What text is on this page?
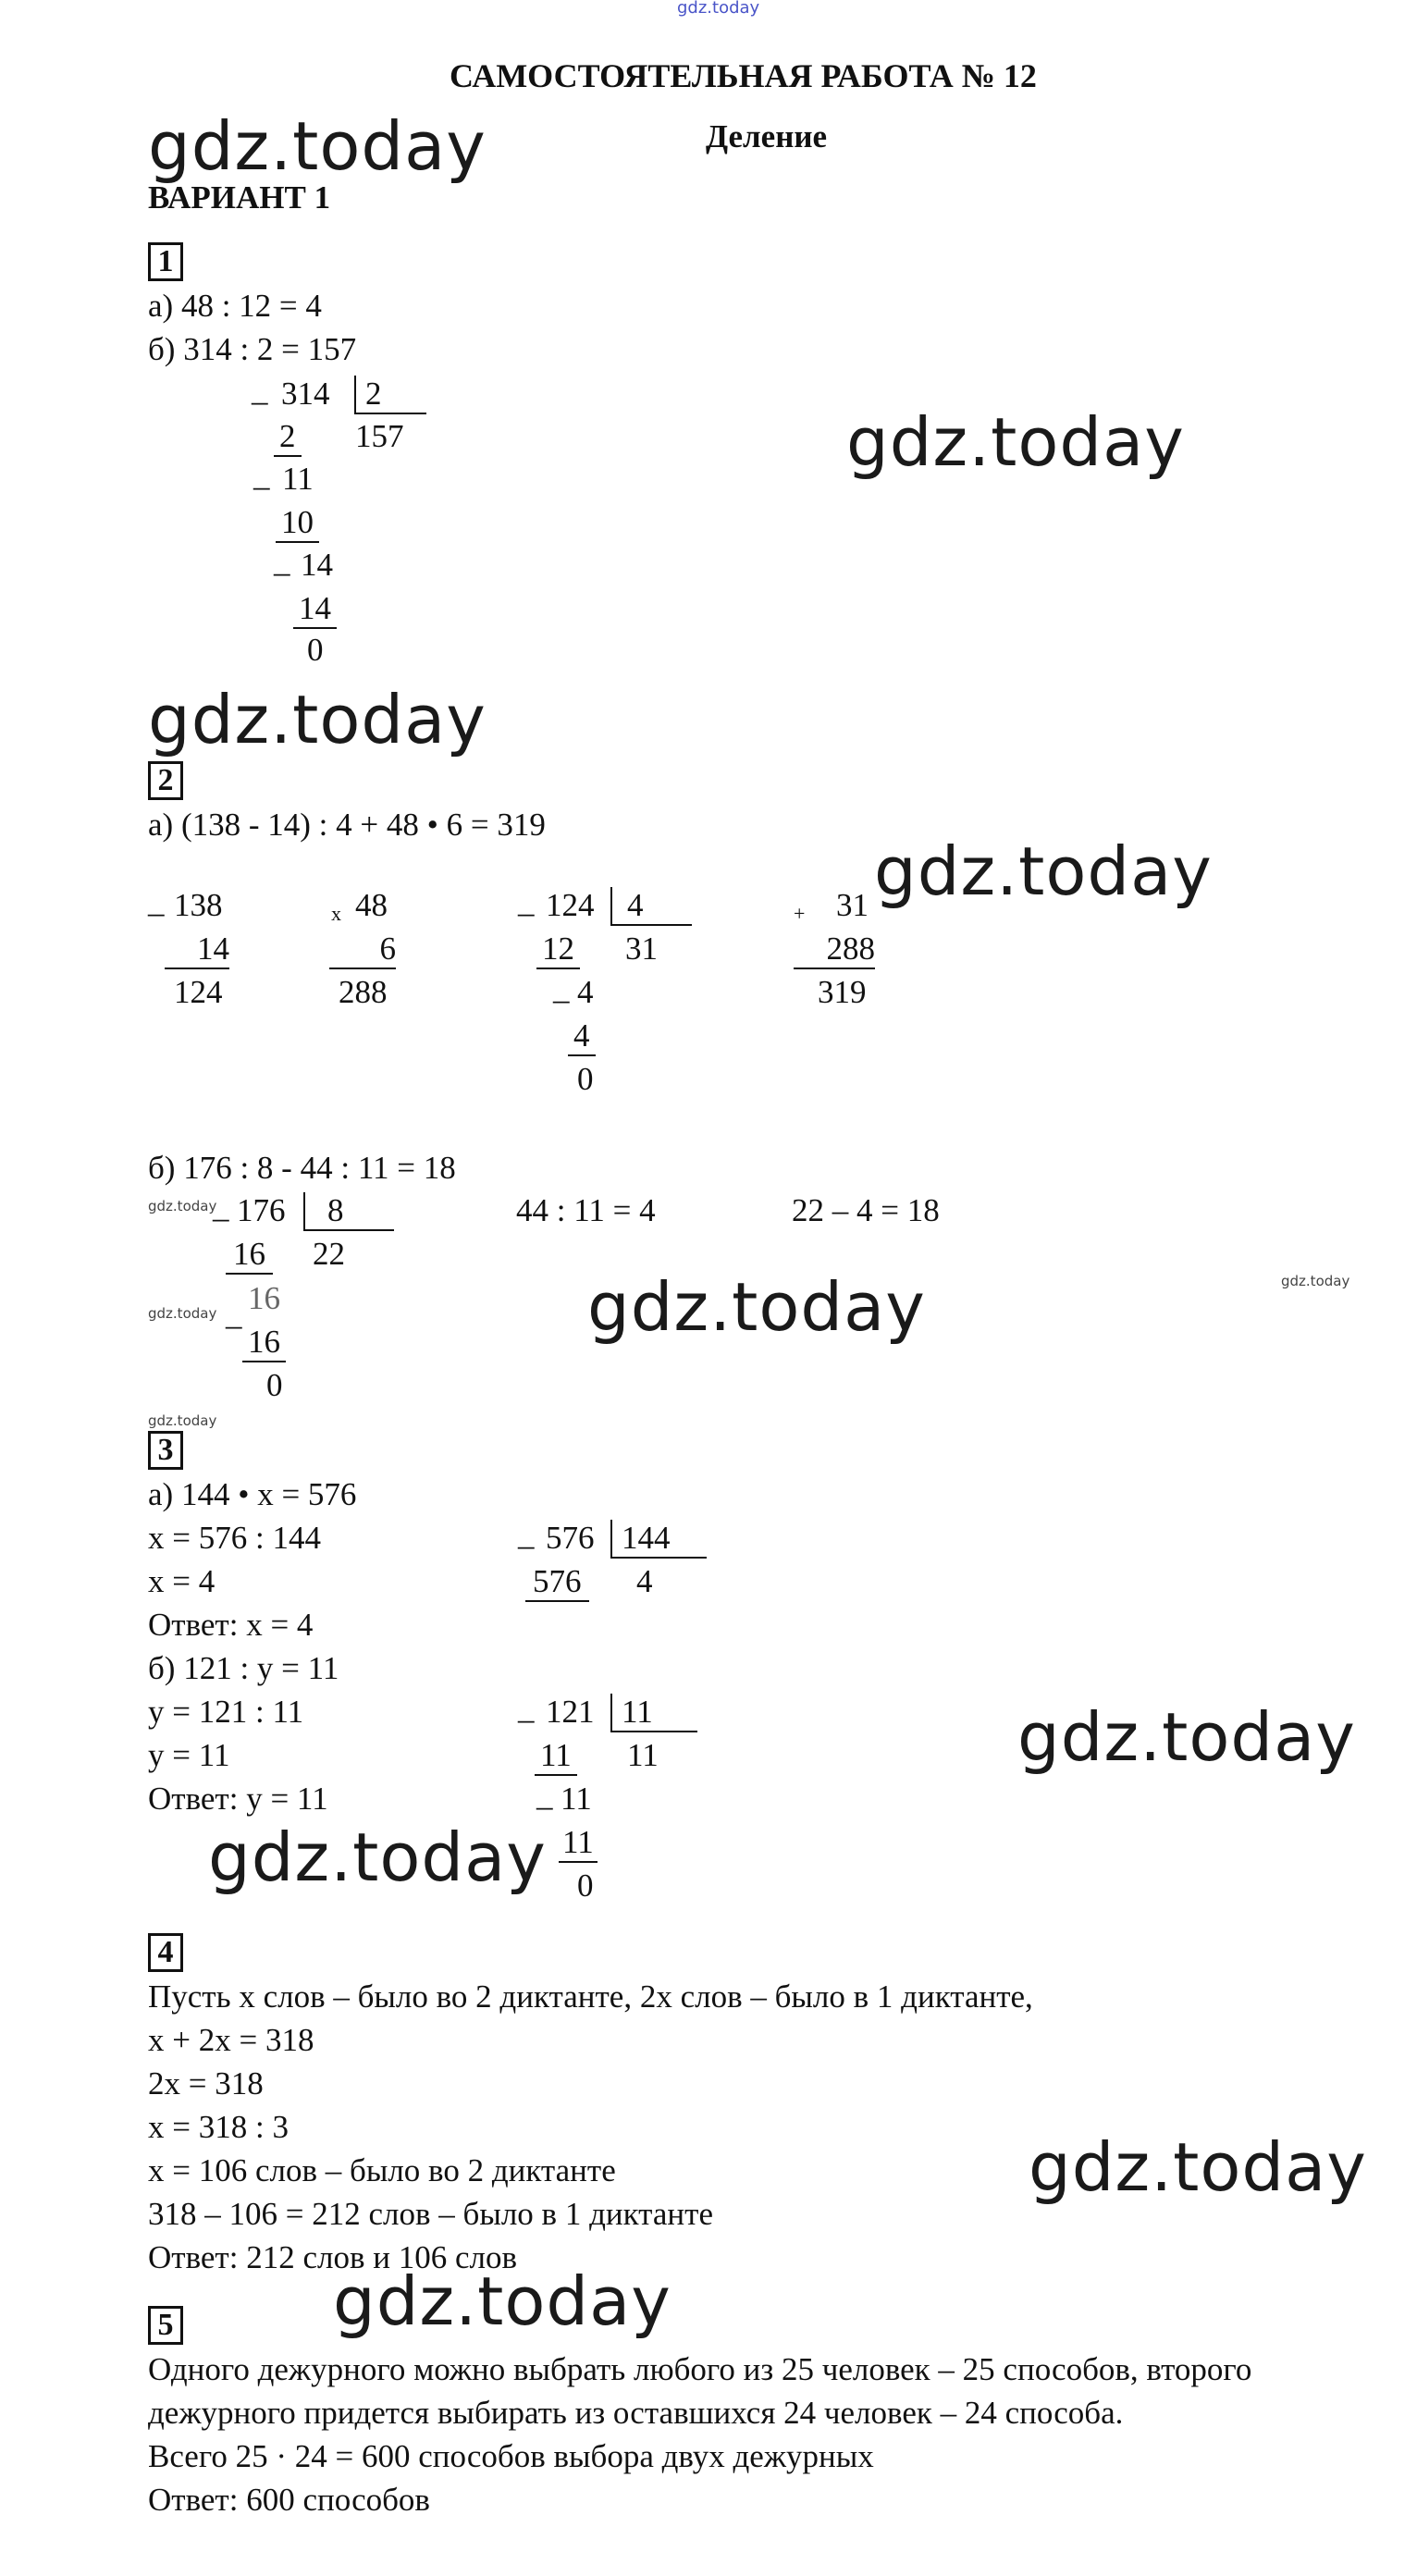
gdz.today
САМОСТОЯТЕЛЬНАЯ РАБОТА № 12
Деление
gdz.today
ВАРИАНТ 1
1
а) 48 : 12 = 4
б) 314 : 2 = 157
_ 314	2
157
2
_ 11
10
_ 14
14
0
gdz.today
gdz.today
2
а) (138 - 14) : 4 + 48 • 6 = 319
_ 138
14
124
x 48
6
288
_ 124	4
31
12
_ 4
4
0
+ 31
288
319
gdz.today
б) 176 : 8 - 44 : 11 = 18
gdz.today
_ 176	8
22
16
gdz.today _ 16
16
0
44 : 11 = 4	22 – 4 = 18
gdz.today	gdz.today
gdz.today
3
а) 144 • x = 576
x = 576 : 144
x = 4
Ответ: x = 4
_ 576 144
4
576
б) 121 : y = 11
y = 121 : 11
y = 11
Ответ: y = 11
_ 121 11
11
11
_ 11
11
0
gdz.today
gdz.today
4
Пусть x слов – было во 2 диктанте, 2x слов – было в 1 диктанте,
x + 2x = 318
2x = 318
x = 318 : 3
x = 106 слов – было во 2 диктанте
318 – 106 = 212 слов – было в 1 диктанте
Ответ: 212 слов и 106 слов
gdz.today
gdz.today
5
Одного дежурного можно выбрать любого из 25 человек – 25 способов, второго
дежурного придется выбирать из оставшихся 24 человек – 24 способа.
Всего 25 · 24 = 600 способов выбора двух дежурных
Ответ: 600 способов
